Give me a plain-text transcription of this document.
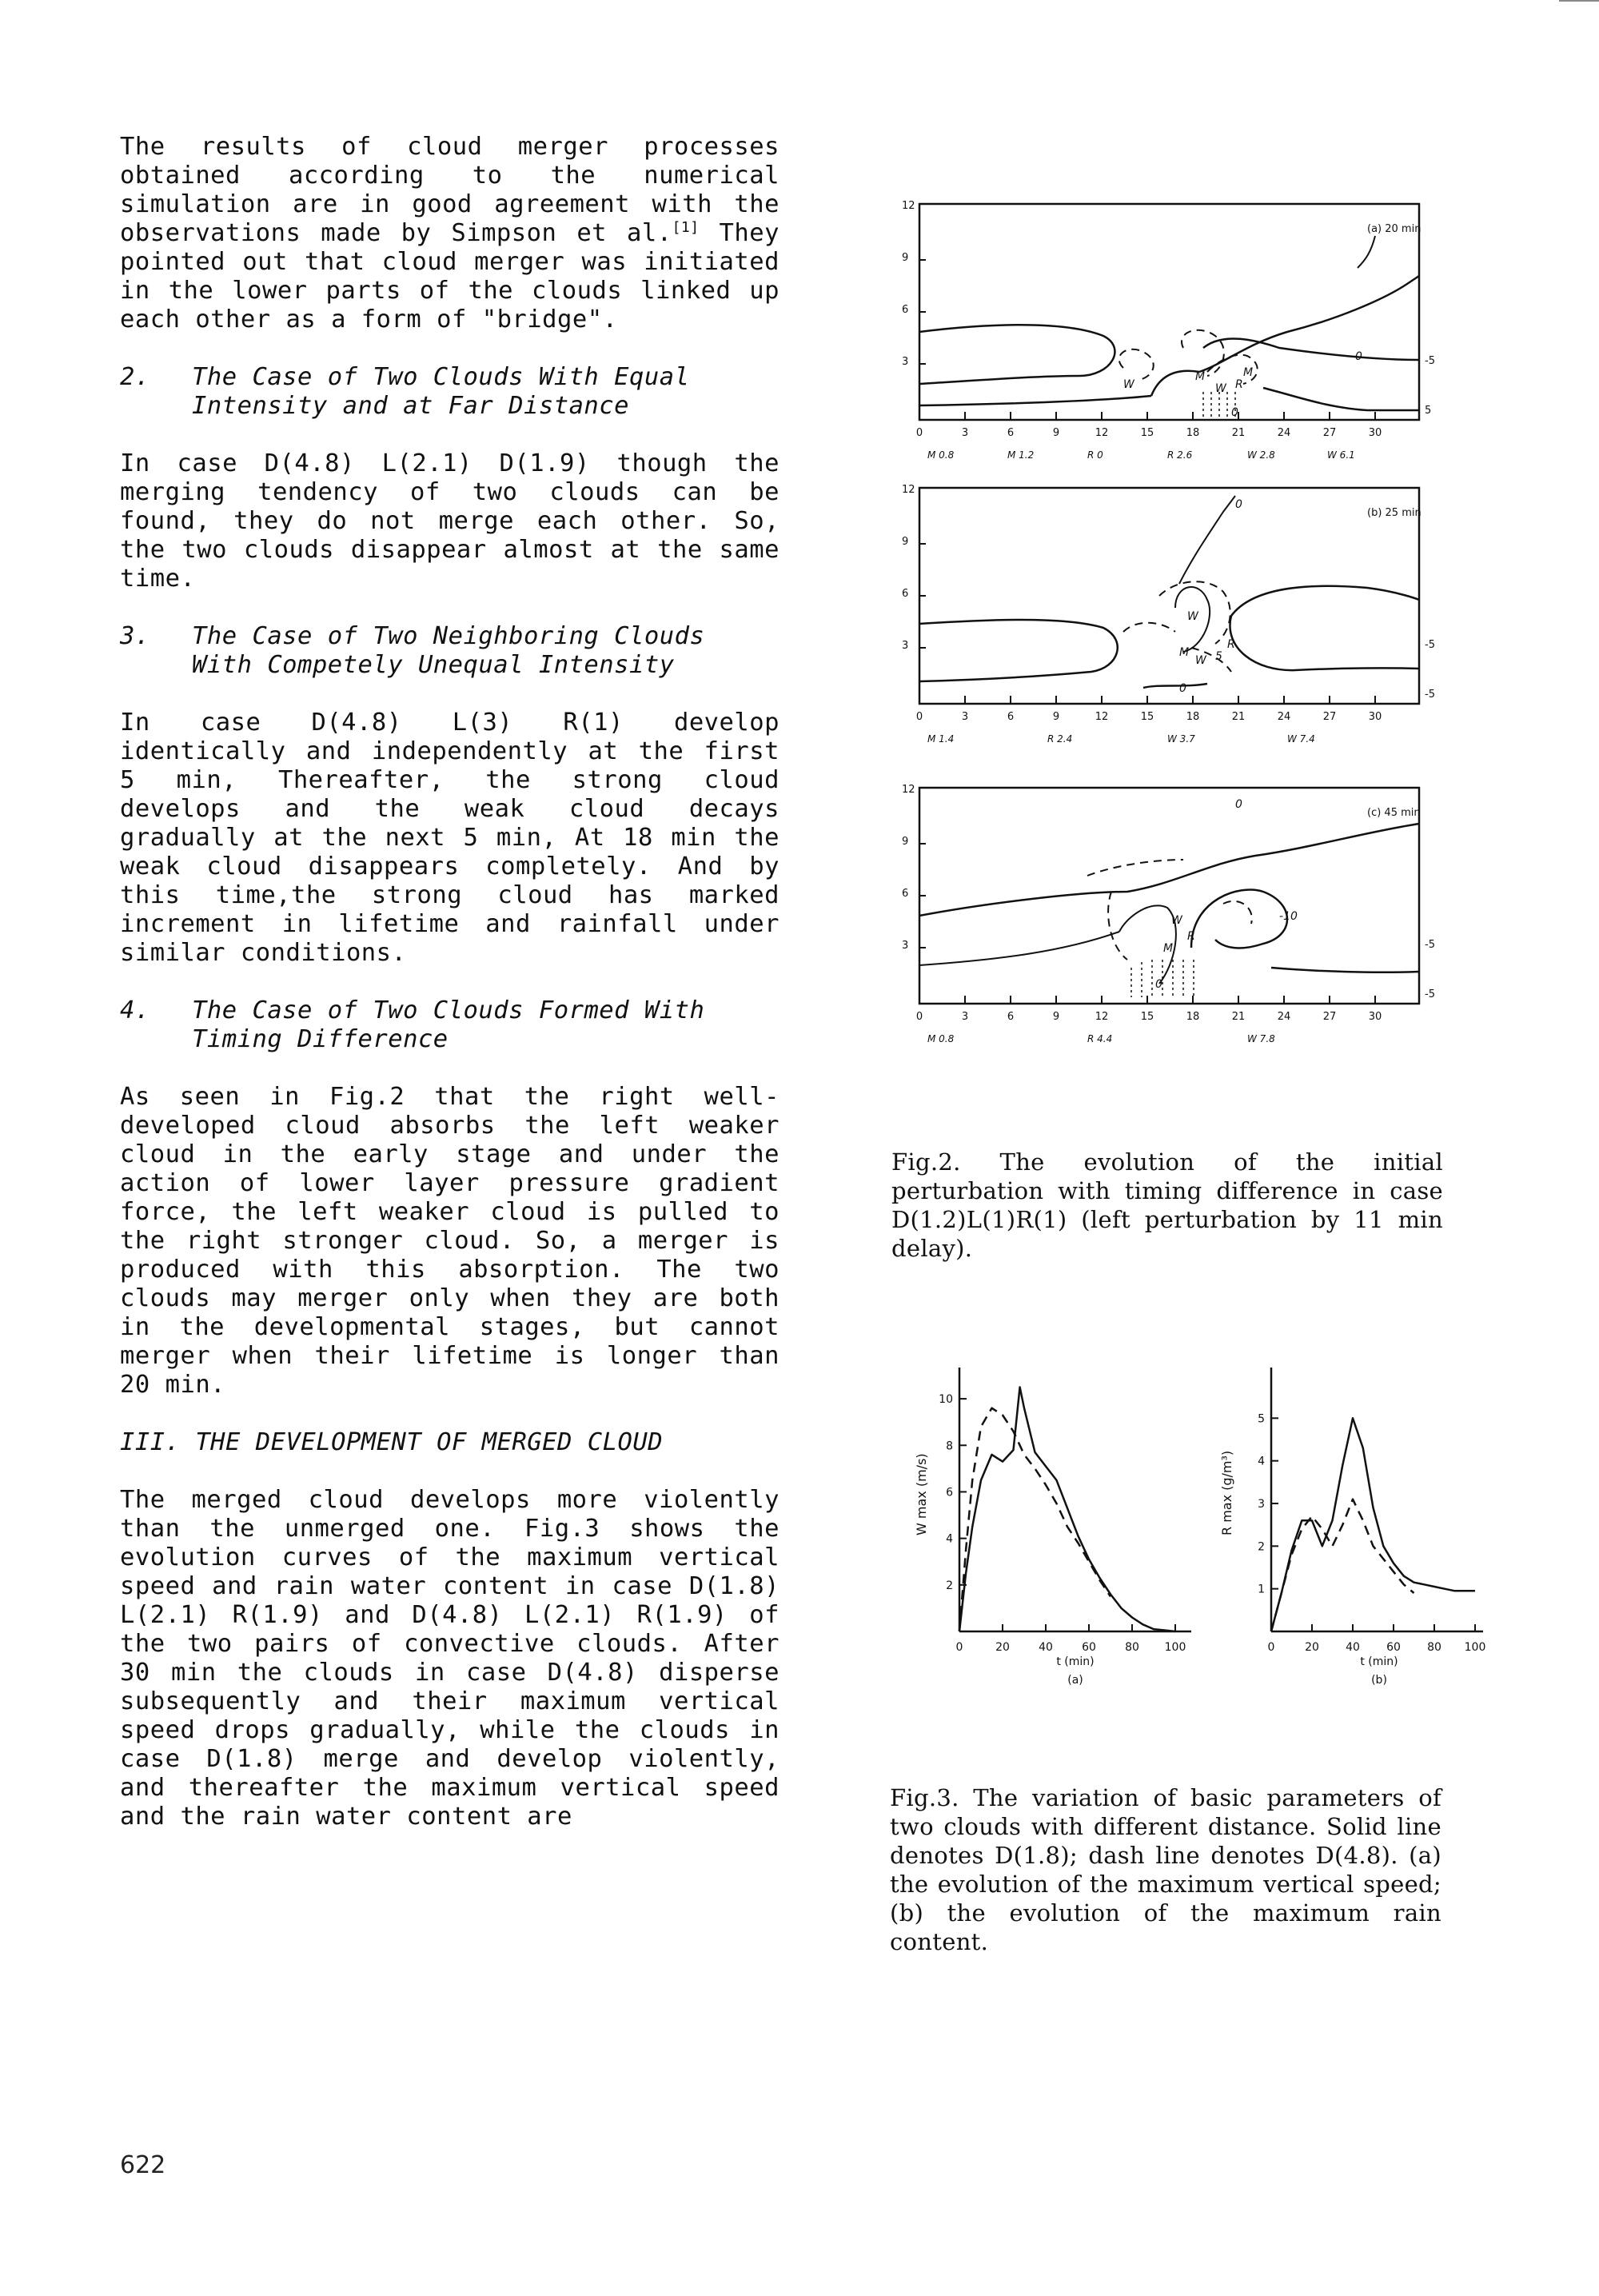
The results of cloud merger processes obtained according to the numerical simulation are in good agreement with the observations made by Simpson et al.[1] They pointed out that cloud merger was initiated in the lower parts of the clouds linked up each other as a form of "bridge".

2.	The Case of Two Clouds With Equal Intensity and at Far Distance

In case D(4.8) L(2.1) D(1.9) though the merging tendency of two clouds can be found, they do not merge each other. So, the two clouds disappear almost at the same time.

3.	The Case of Two Neighboring Clouds With Competely Unequal Intensity

In case D(4.8) L(3) R(1) develop identically and independently at the first 5 min, Thereafter, the strong cloud develops and the weak cloud decays gradually at the next 5 min, At 18 min the weak cloud disappears completely. And by this time,the strong cloud has marked increment in lifetime and rainfall under similar conditions.

4.	The Case of Two Clouds Formed With Timing Difference

As seen in Fig.2 that the right well-developed cloud absorbs the left weaker cloud in the early stage and under the action of lower layer pressure gradient force, the left weaker cloud is pulled to the right stronger cloud. So, a merger is produced with this absorption. The two clouds may merger only when they are both in the developmental stages, but cannot merger when their lifetime is longer than 20 min.

III. THE DEVELOPMENT OF MERGED CLOUD

The merged cloud develops more violently than the unmerged one. Fig.3 shows the evolution curves of the maximum vertical speed and rain water content in case D(1.8) L(2.1) R(1.9) and D(4.8) L(2.1) R(1.9) of the two pairs of convective clouds. After 30 min the clouds in case D(4.8) disperse subsequently and their maximum vertical speed drops gradually, while the clouds in case D(1.8) merge and develop violently, and thereafter the maximum vertical speed and the rain water content are

(a) 20 min
(b) 25 min
(c) 45 min
12
9
6
3
0	3	6	9	12	15	18	21	24	27	30
-5
5
M 0.8	M 1.2	R 0	R 2.6	W 2.8	W 6.1
M
R
W
W
M
0
0
12
9
6
3
0	3	6	9	12	15	18	21	24	27	30
-5
-5
M 1.4	R 2.4	W 3.7	W 7.4
0
W
R
M
W 5
0
12
9
6
3
0	3	6	9	12	15	18	21	24	27	30
-5
-5
M 0.8	R 4.4	W 7.8
0
W
R
M
-10
0
Fig.2. The evolution of the initial perturbation with timing difference in case D(1.2)L(1)R(1) (left perturbation by 11 min delay).
W max (m/s)
t (min)
(a)
0	20	40	60	80 100
2
4
6
8
10
R max (g/m³)
t (min)
(b)
0	20 40 60 80 100
1
2
3
4
5
Fig.3. The variation of basic parameters of two clouds with different distance. Solid line denotes D(1.8); dash line denotes D(4.8). (a) the evolution of the maximum vertical speed; (b) the evolution of the maximum rain content.
622
